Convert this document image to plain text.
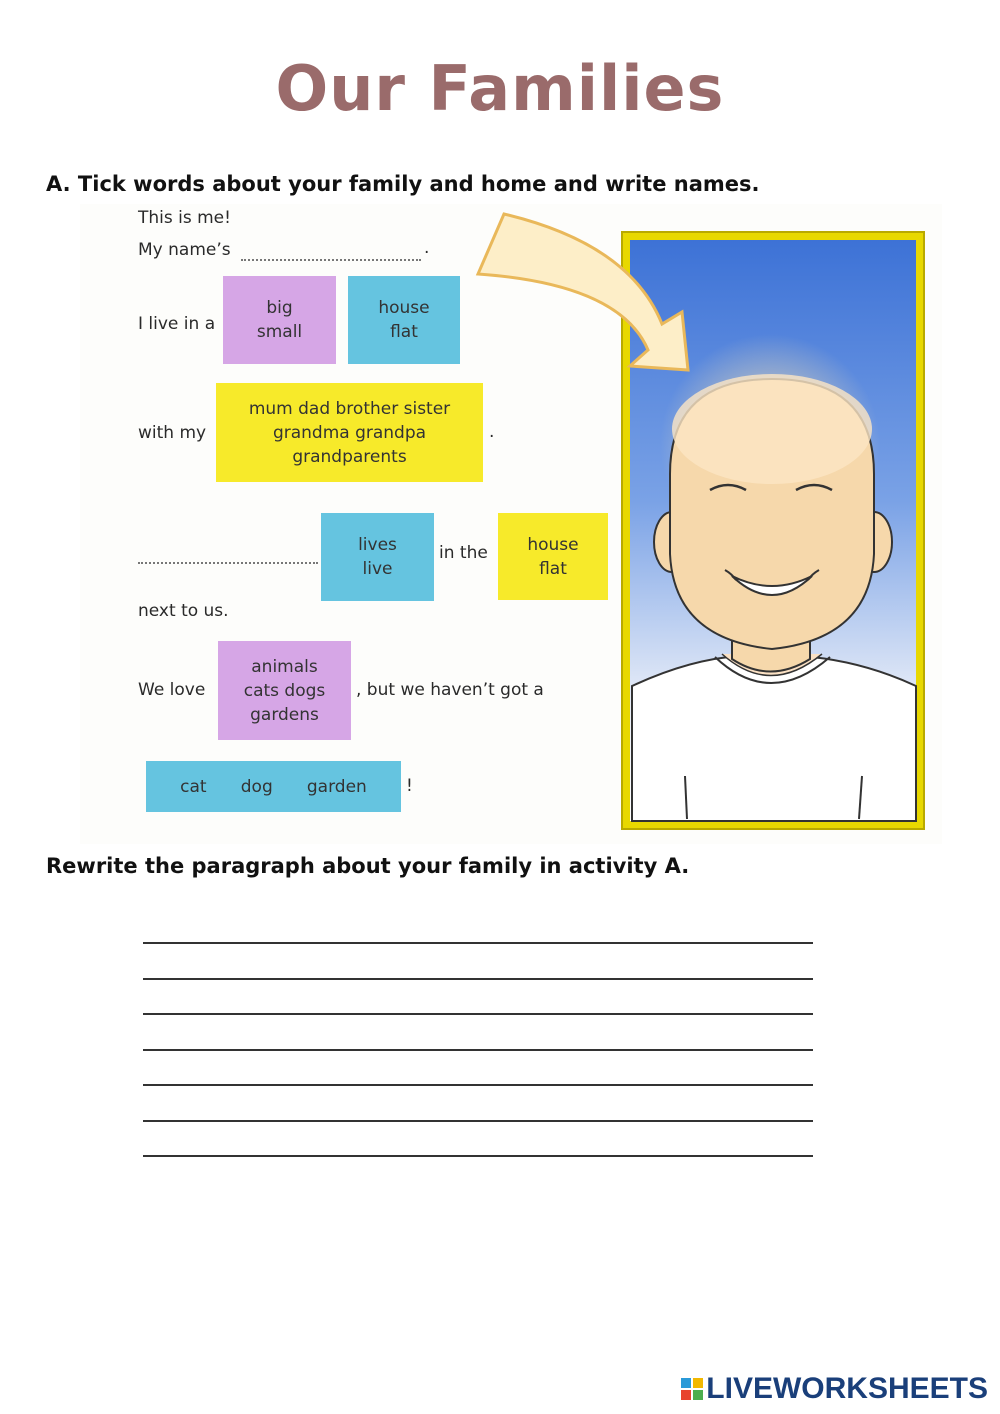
Our Families
A. Tick words about your family and home and write names.
This is me!
My name’s	.
I live in a
big
small
house
flat
with my
mum dad brother sister
grandma grandpa
grandparents
.
lives
live
in the house
flat
next to us.
We love
animals
cats dogs
gardens
, but we haven’t got a
cat dog garden !
Rewrite the paragraph about your family in activity A.
LIVEWORKSHEETS
